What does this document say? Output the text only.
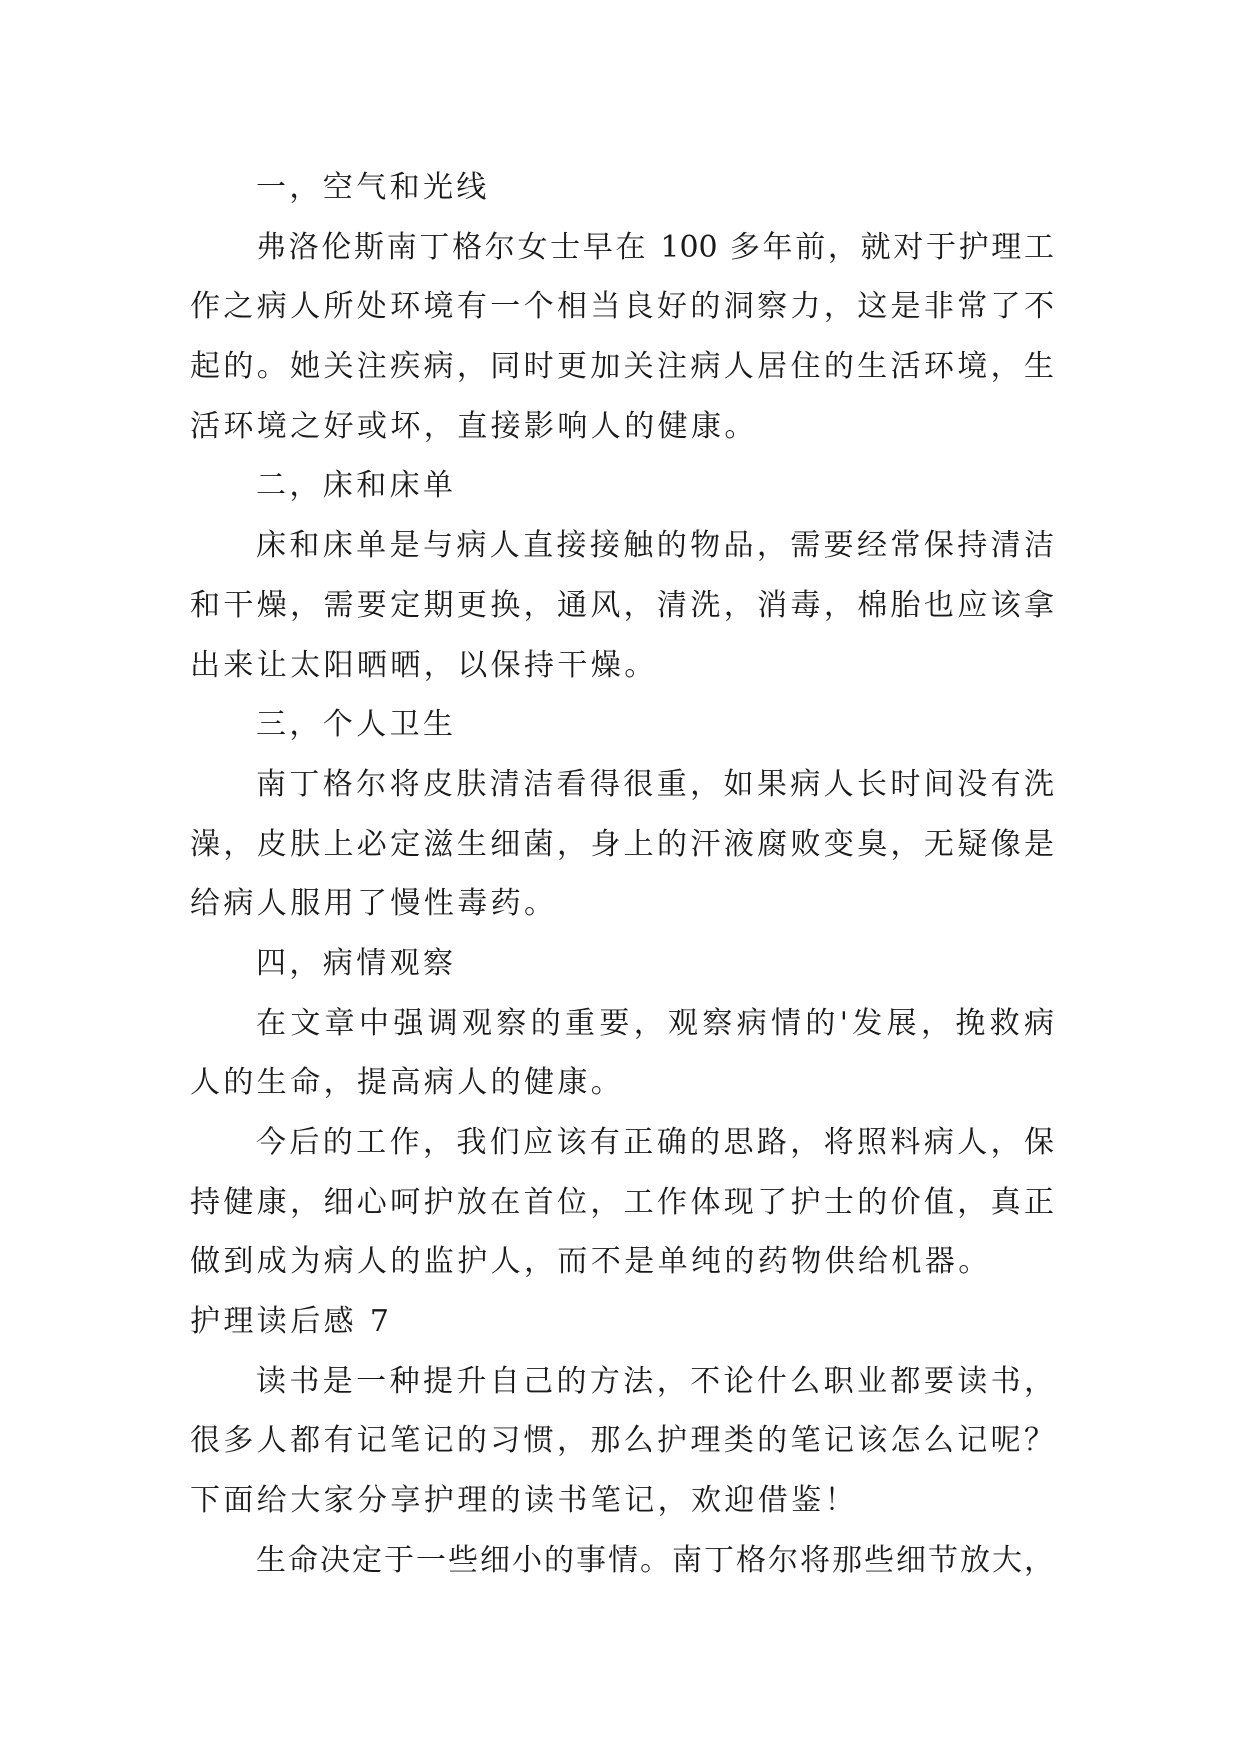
一，空气和光线
弗洛伦斯南丁格尔女士早在 100 多年前，就对于护理工
作之病人所处环境有一个相当良好的洞察力，这是非常了不
起的。她关注疾病，同时更加关注病人居住的生活环境，生
活环境之好或坏，直接影响人的健康。
二，床和床单
床和床单是与病人直接接触的物品，需要经常保持清洁
和干燥，需要定期更换，通风，清洗，消毒，棉胎也应该拿
出来让太阳晒晒，以保持干燥。
三，个人卫生
南丁格尔将皮肤清洁看得很重，如果病人长时间没有洗
澡，皮肤上必定滋生细菌，身上的汗液腐败变臭，无疑像是
给病人服用了慢性毒药。
四，病情观察
在文章中强调观察的重要，观察病情的'发展，挽救病
人的生命，提高病人的健康。
今后的工作，我们应该有正确的思路，将照料病人，保
持健康，细心呵护放在首位，工作体现了护士的价值，真正
做到成为病人的监护人，而不是单纯的药物供给机器。
护理读后感 7
读书是一种提升自己的方法，不论什么职业都要读书，
很多人都有记笔记的习惯，那么护理类的笔记该怎么记呢？
下面给大家分享护理的读书笔记，欢迎借鉴！
生命决定于一些细小的事情。南丁格尔将那些细节放大，
